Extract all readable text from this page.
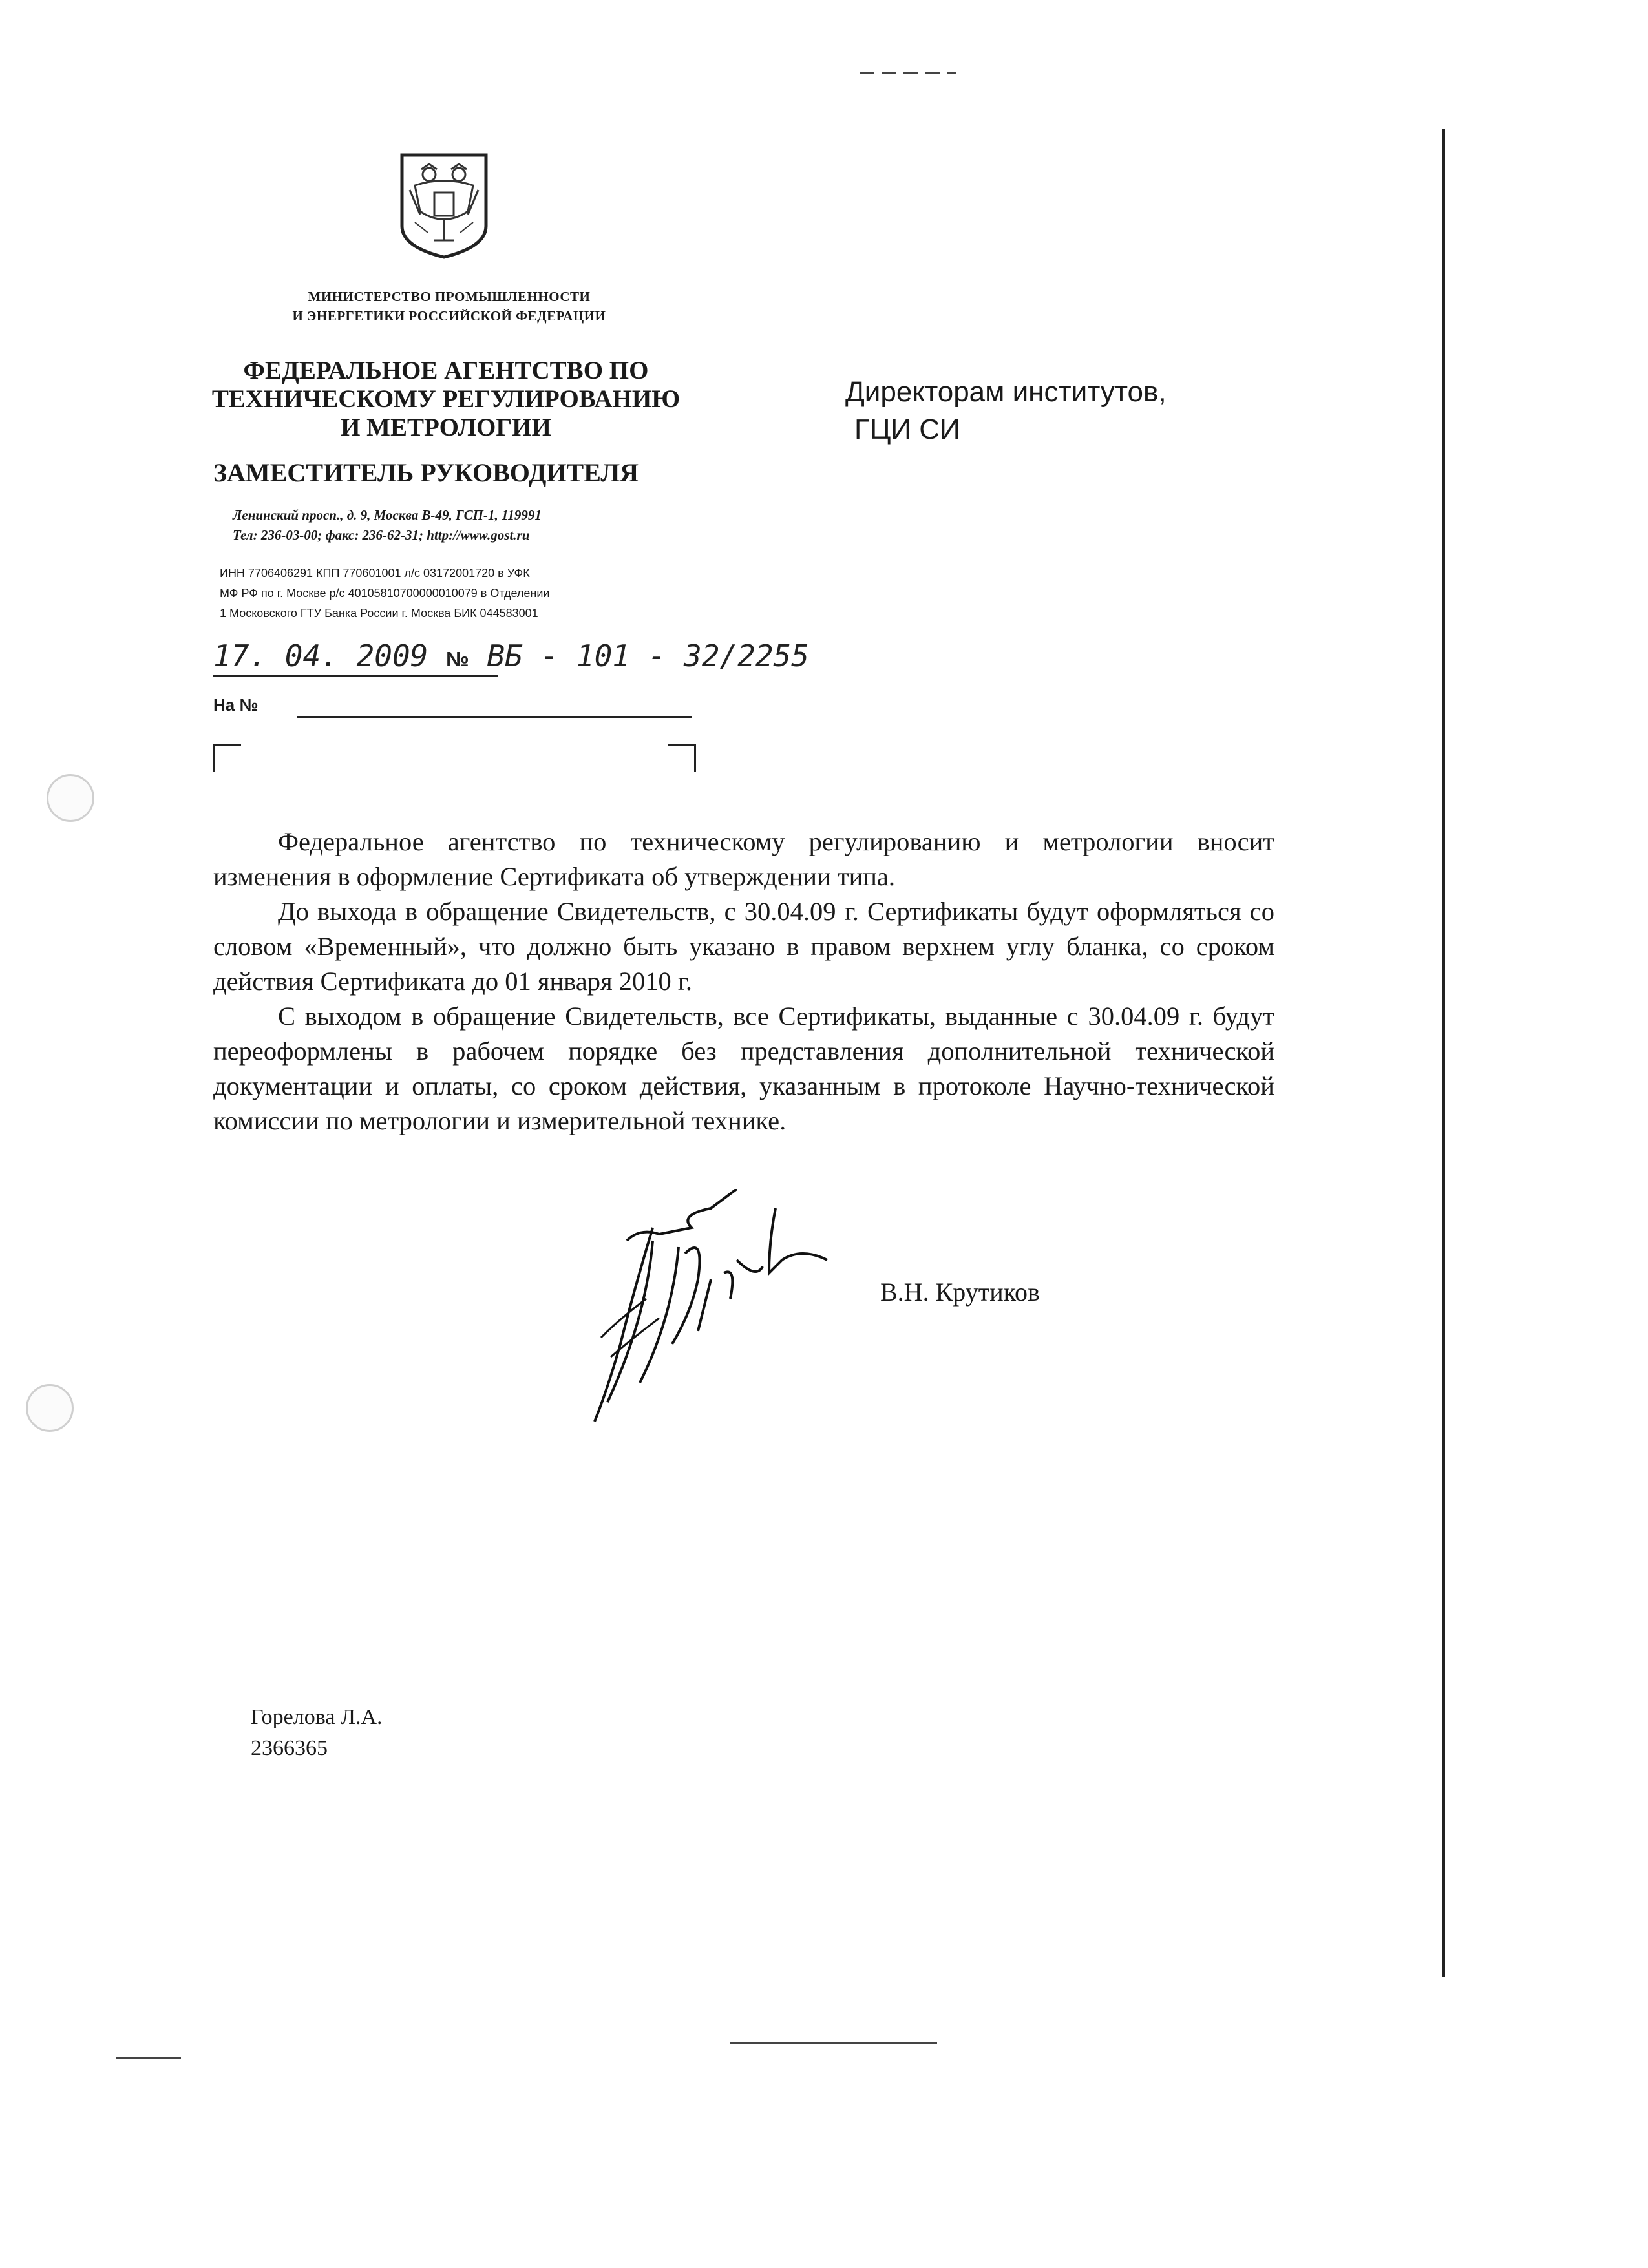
МИНИСТЕРСТВО ПРОМЫШЛЕННОСТИ
И ЭНЕРГЕТИКИ РОССИЙСКОЙ ФЕДЕРАЦИИ
ФЕДЕРАЛЬНОЕ АГЕНТСТВО ПО
ТЕХНИЧЕСКОМУ РЕГУЛИРОВАНИЮ
И МЕТРОЛОГИИ
ЗАМЕСТИТЕЛЬ РУКОВОДИТЕЛЯ
Ленинский просп., д. 9, Москва В-49, ГСП-1, 119991
Тел: 236-03-00; факс: 236-62-31; http://www.gost.ru
ИНН 7706406291 КПП 770601001 л/с 03172001720 в УФК
МФ РФ по г. Москве р/с 40105810700000010079 в Отделении
1 Московского ГТУ Банка России г. Москва БИК 044583001
17. 04. 2009 № ВБ - 101 - 32/2255
На №
Директорам институтов,
ГЦИ СИ

Федеральное агентство по техническому регулированию и метрологии вносит изменения в оформление Сертификата об утверждении типа.

До выхода в обращение Свидетельств, с 30.04.09 г. Сертификаты будут оформляться со словом «Временный», что должно быть указано в правом верхнем углу бланка, со сроком действия Сертификата до 01 января 2010 г.

С выходом в обращение Свидетельств, все Сертификаты, выданные с 30.04.09 г. будут переоформлены в рабочем порядке без представления дополнительной технической документации и оплаты, со сроком действия, указанным в протоколе Научно-технической комиссии по метрологии и измерительной технике.

В.Н. Крутиков
Горелова Л.А.
2366365
